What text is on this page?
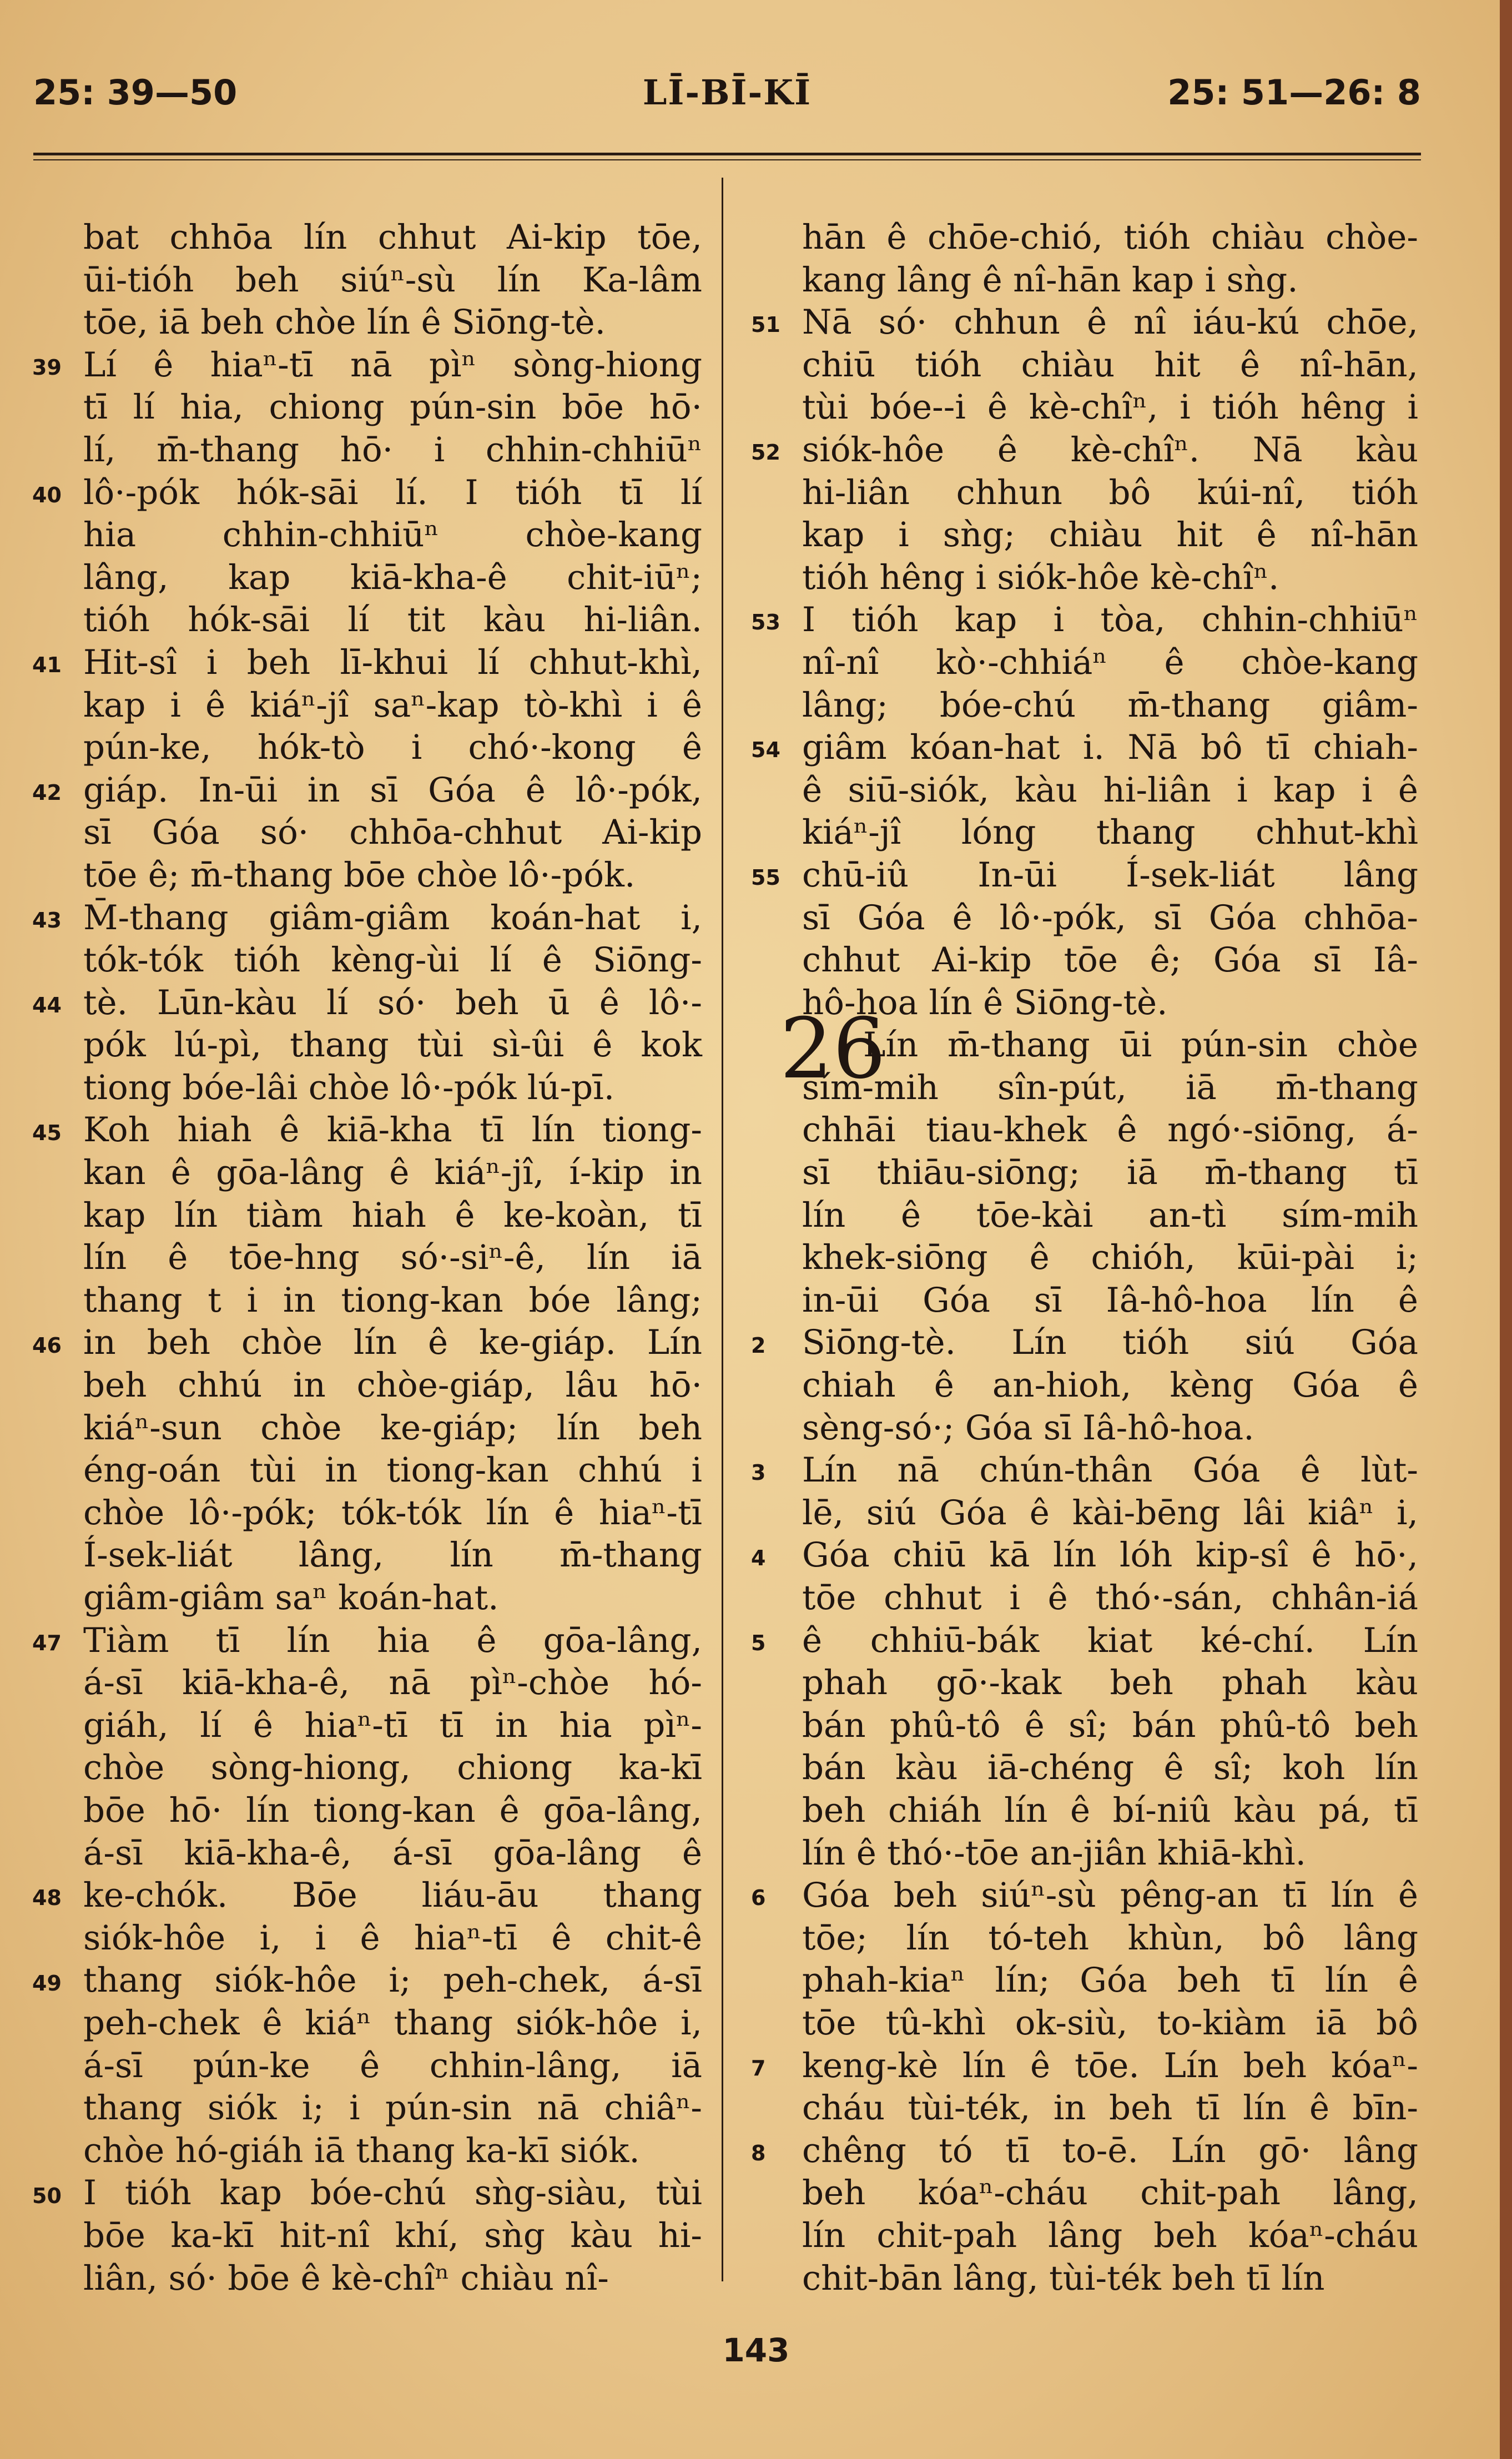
25: 39—50	LĪ-BĪ-KĪ	25: 51—26: 8
bat chhōa lín chhut Ai-kip tōe,
ūi-tióh beh siúⁿ-sù lín Ka-lâm
tōe, iā beh chòe lín ê Siōng-tè.
39 Lí ê hiaⁿ-tī nā pìⁿ sòng-hiong
tī lí hia, chiong pún-sin bōe hō·
lí, m̄-thang hō· i chhin-chhiūⁿ
40 lô·-pók hók-sāi lí. I tióh tī lí
hia chhin-chhiūⁿ chòe-kang
lâng, kap kiā-kha-ê chit-iūⁿ;
tióh hók-sāi lí tit kàu hi-liân.
41 Hit-sî i beh lī-khui lí chhut-khì,
kap i ê kiáⁿ-jî saⁿ-kap tò-khì i ê
pún-ke, hók-tò i chó·-kong ê
42 giáp. In-ūi in sī Góa ê lô·-pók,
sī Góa só· chhōa-chhut Ai-kip
tōe ê; m̄-thang bōe chòe lô·-pók.
43 M̄-thang giâm-giâm koán-hat i,
tók-tók tióh kèng-ùi lí ê Siōng-
44 tè. Lūn-kàu lí só· beh ū ê lô·-
pók lú-pì, thang tùi sì-ûi ê kok
tiong bóe-lâi chòe lô·-pók lú-pī.
45 Koh hiah ê kiā-kha tī lín tiong-
kan ê gōa-lâng ê kiáⁿ-jî, í-kip in
kap lín tiàm hiah ê ke-koàn, tī
lín ê tōe-hng só·-siⁿ-ê, lín iā
thang t i in tiong-kan bóe lâng;
46 in beh chòe lín ê ke-giáp. Lín
beh chhú in chòe-giáp, lâu hō·
kiáⁿ-sun chòe ke-giáp; lín beh
éng-oán tùi in tiong-kan chhú i
chòe lô·-pók; tók-tók lín ê hiaⁿ-tī
Í-sek-liát lâng, lín m̄-thang
giâm-giâm saⁿ koán-hat.
47 Tiàm tī lín hia ê gōa-lâng,
á-sī kiā-kha-ê, nā pìⁿ-chòe hó-
giáh, lí ê hiaⁿ-tī tī in hia pìⁿ-
chòe sòng-hiong, chiong ka-kī
bōe hō· lín tiong-kan ê gōa-lâng,
á-sī kiā-kha-ê, á-sī gōa-lâng ê
48 ke-chók. Bōe liáu-āu thang
siók-hôe i, i ê hiaⁿ-tī ê chit-ê
49 thang siók-hôe i; peh-chek, á-sī
peh-chek ê kiáⁿ thang siók-hôe i,
á-sī pún-ke ê chhin-lâng, iā
thang siók i; i pún-sin nā chiâⁿ-
chòe hó-giáh iā thang ka-kī siók.
50 I tióh kap bóe-chú sǹg-siàu, tùi
bōe ka-kī hit-nî khí, sǹg kàu hi-
liân, só· bōe ê kè-chîⁿ chiàu nî-
hān ê chōe-chió, tióh chiàu chòe-
kang lâng ê nî-hān kap i sǹg.
51 Nā só· chhun ê nî iáu-kú chōe,
chiū tióh chiàu hit ê nî-hān,
tùi bóe--i ê kè-chîⁿ, i tióh hêng i
52 siók-hôe ê kè-chîⁿ. Nā kàu
hi-liân chhun bô kúi-nî, tióh
kap i sǹg; chiàu hit ê nî-hān
tióh hêng i siók-hôe kè-chîⁿ.
53 I tióh kap i tòa, chhin-chhiūⁿ
nî-nî kò·-chhiáⁿ ê chòe-kang
lâng; bóe-chú m̄-thang giâm-
54 giâm kóan-hat i. Nā bô tī chiah-
ê siū-siók, kàu hi-liân i kap i ê
kiáⁿ-jî lóng thang chhut-khì
55 chū-iû In-ūi Í-sek-liát lâng
sī Góa ê lô·-pók, sī Góa chhōa-
chhut Ai-kip tōe ê; Góa sī Iâ-
hô-hoa lín ê Siōng-tè.
26
Lín m̄-thang ūi pún-sin chòe
sím-mih sîn-pút, iā m̄-thang
chhāi tiau-khek ê ngó·-siōng, á-
sī thiāu-siōng; iā m̄-thang tī
lín ê tōe-kài an-tì sím-mih
khek-siōng ê chióh, kūi-pài i;
in-ūi Góa sī Iâ-hô-hoa lín ê
2 Siōng-tè. Lín tióh siú Góa
chiah ê an-hioh, kèng Góa ê
sèng-só·; Góa sī Iâ-hô-hoa.
3 Lín nā chún-thân Góa ê lùt-
lē, siú Góa ê kài-bēng lâi kiâⁿ i,
4 Góa chiū kā lín lóh kip-sî ê hō·,
tōe chhut i ê thó·-sán, chhân-iá
5 ê chhiū-bák kiat ké-chí. Lín
phah gō·-kak beh phah kàu
bán phû-tô ê sî; bán phû-tô beh
bán kàu iā-chéng ê sî; koh lín
beh chiáh lín ê bí-niû kàu pá, tī
lín ê thó·-tōe an-jiân khiā-khì.
6 Góa beh siúⁿ-sù pêng-an tī lín ê
tōe; lín tó-teh khùn, bô lâng
phah-kiaⁿ lín; Góa beh tī lín ê
tōe tû-khì ok-siù, to-kiàm iā bô
7 keng-kè lín ê tōe. Lín beh kóaⁿ-
cháu tùi-ték, in beh tī lín ê bīn-
8 chêng tó tī to-ē. Lín gō· lâng
beh kóaⁿ-cháu chit-pah lâng,
lín chit-pah lâng beh kóaⁿ-cháu
chit-bān lâng, tùi-ték beh tī lín
143
